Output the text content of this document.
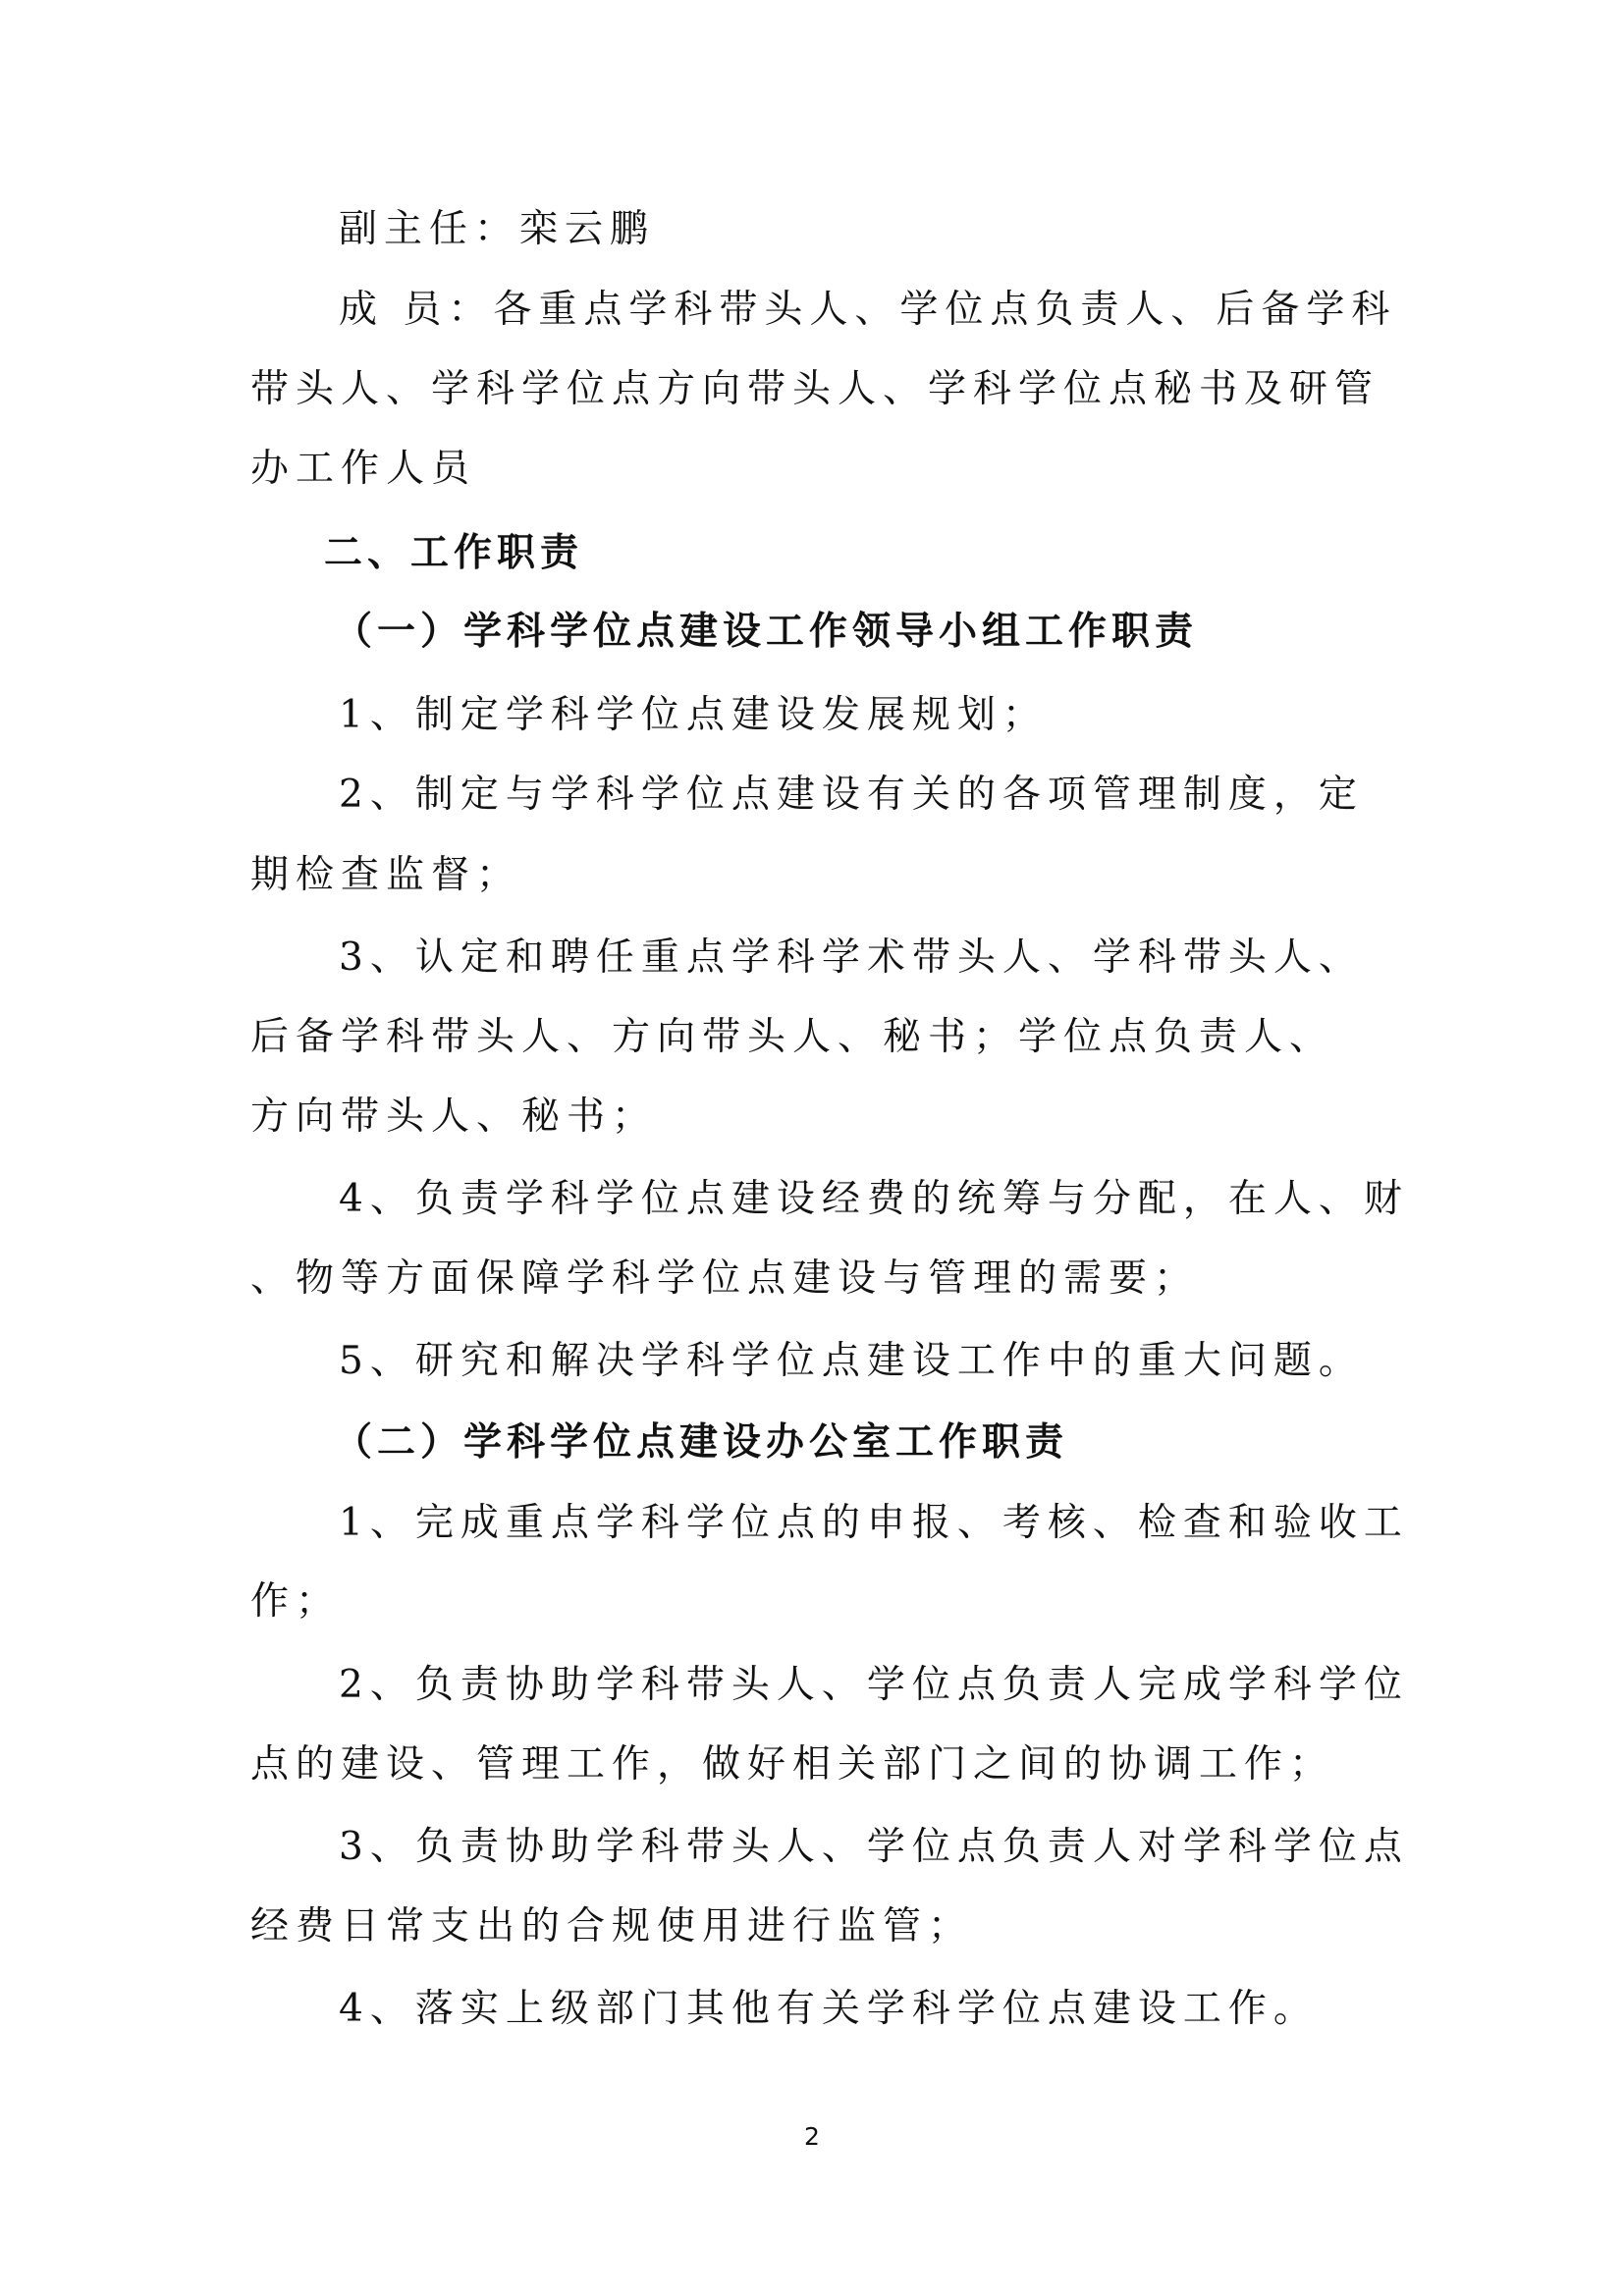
副主任：栾云鹏

成 员：各重点学科带头人、学位点负责人、后备学科

带头人、学科学位点方向带头人、学科学位点秘书及研管

办工作人员

二、工作职责

（一）学科学位点建设工作领导小组工作职责

1、制定学科学位点建设发展规划；

2、制定与学科学位点建设有关的各项管理制度，定

期检查监督；

3、认定和聘任重点学科学术带头人、学科带头人、

后备学科带头人、方向带头人、秘书；学位点负责人、

方向带头人、秘书；

4、负责学科学位点建设经费的统筹与分配，在人、财

、物等方面保障学科学位点建设与管理的需要；

5、研究和解决学科学位点建设工作中的重大问题。

（二）学科学位点建设办公室工作职责

1、完成重点学科学位点的申报、考核、检查和验收工

作；

2、负责协助学科带头人、学位点负责人完成学科学位

点的建设、管理工作，做好相关部门之间的协调工作；

3、负责协助学科带头人、学位点负责人对学科学位点

经费日常支出的合规使用进行监管；

4、落实上级部门其他有关学科学位点建设工作。

2
